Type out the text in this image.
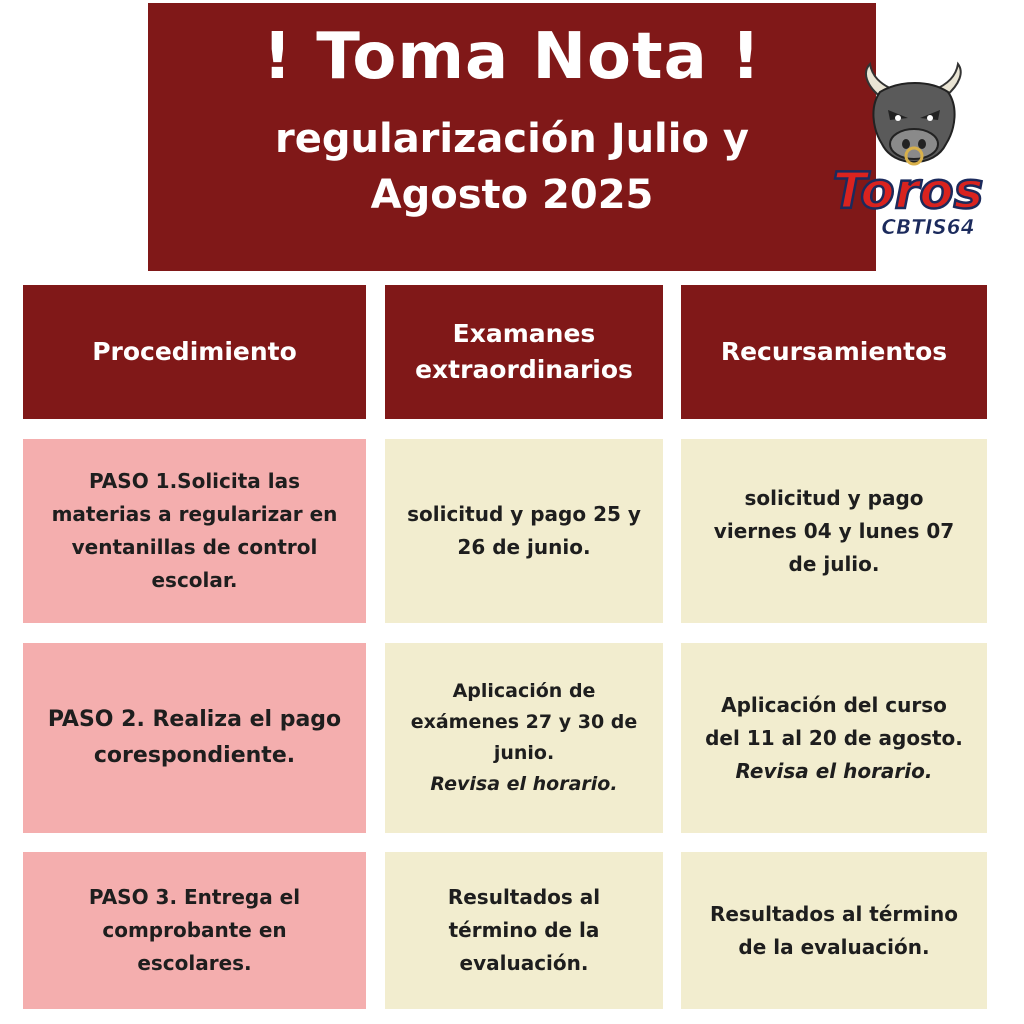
! Toma Nota !
regularización Julio y Agosto 2025	Toros
CBTIS64
Procedimiento
Examanes extraordinarios
Recursamientos
PASO 1.Solicita las materias a regularizar en ventanillas de control escolar.
solicitud y pago 25 y 26 de junio.
solicitud y pago viernes 04 y lunes 07 de julio.
PASO 2. Realiza el pago corespondiente.
Aplicación de exámenes 27 y 30 de junio.
Revisa el horario.
Aplicación del curso del 11 al 20 de agosto.
Revisa el horario.
PASO 3. Entrega el comprobante en escolares.
Resultados al término de la evaluación.
Resultados al término de la evaluación.
